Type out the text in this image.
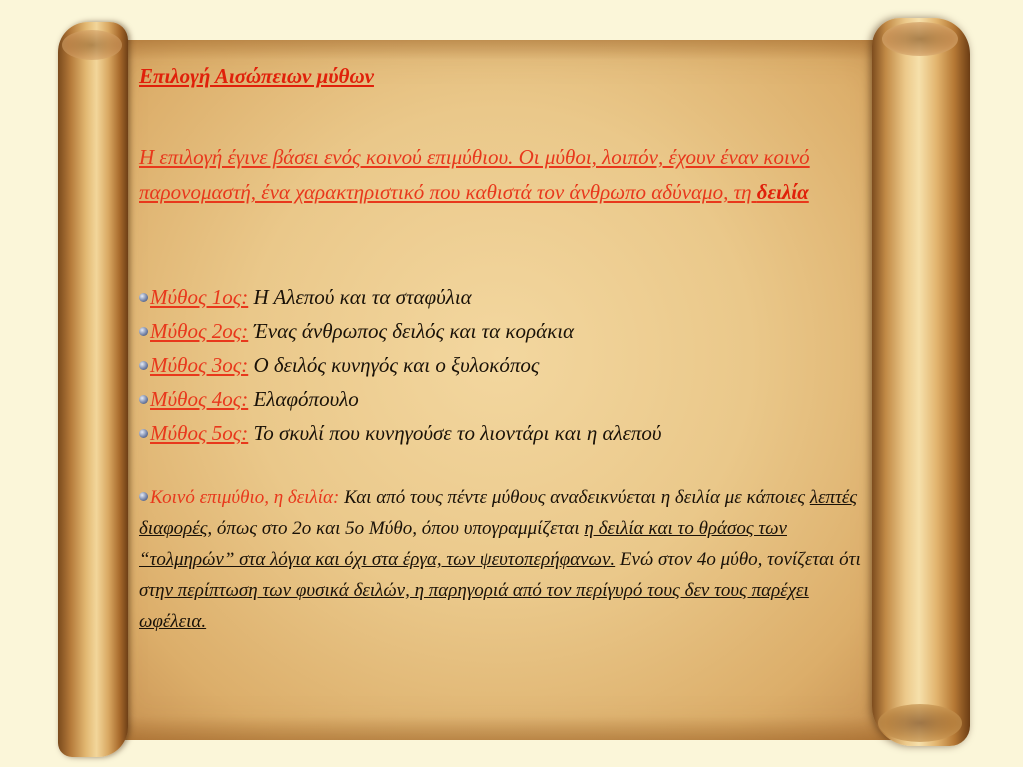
Επιλογή Αισώπειων μύθων

Η επιλογή έγινε βάσει ενός κοινού επιμύθιου. Οι μύθοι, λοιπόν, έχουν έναν κοινό παρονομαστή, ένα χαρακτηριστικό που καθιστά τον άνθρωπο αδύναμο, τη δειλία

Μύθος 1ος: Η Αλεπού και τα σταφύλια
Μύθος 2ος: Ένας άνθρωπος δειλός και τα κοράκια
Μύθος 3ος: Ο δειλός κυνηγός και ο ξυλοκόπος
Μύθος 4ος: Ελαφόπουλο
Μύθος 5ος: Το σκυλί που κυνηγούσε το λιοντάρι και η αλεπού

Κοινό επιμύθιο, η δειλία: Και από τους πέντε μύθους αναδεικνύεται η δειλία με κάποιες λεπτές διαφορές, όπως στο 2ο και 5ο Μύθο, όπου υπογραμμίζεται η δειλία και το θράσος των “τολμηρών” στα λόγια και όχι στα έργα, των ψευτοπερήφανων. Ενώ στον 4ο μύθο, τονίζεται ότι στην περίπτωση των φυσικά δειλών, η παρηγοριά από τον περίγυρό τους δεν τους παρέχει ωφέλεια.
